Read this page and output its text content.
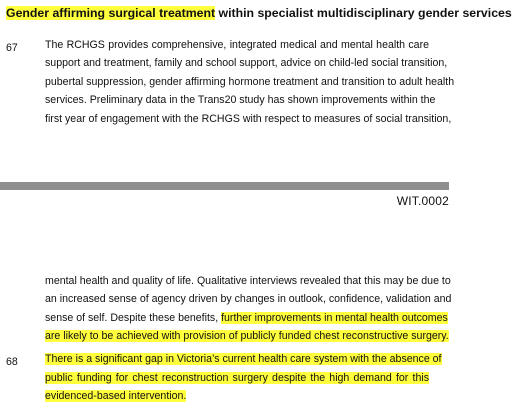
Gender affirming surgical treatment within specialist multidisciplinary gender services
67	The RCHGS provides comprehensive, integrated medical and mental health care
support and treatment, family and school support, advice on child-led social transition,
pubertal suppression, gender affirming hormone treatment and transition to adult health
services. Preliminary data in the Trans20 study has shown improvements within the
first year of engagement with the RCHGS with respect to measures of social transition,
WIT.0002
mental health and quality of life. Qualitative interviews revealed that this may be due to
an increased sense of agency driven by changes in outlook, confidence, validation and
sense of self. Despite these benefits, further improvements in mental health outcomes
are likely to be achieved with provision of publicly funded chest reconstructive surgery.
68	There is a significant gap in Victoria’s current health care system with the absence of
public funding for chest reconstruction surgery despite the high demand for this
evidenced-based intervention.
